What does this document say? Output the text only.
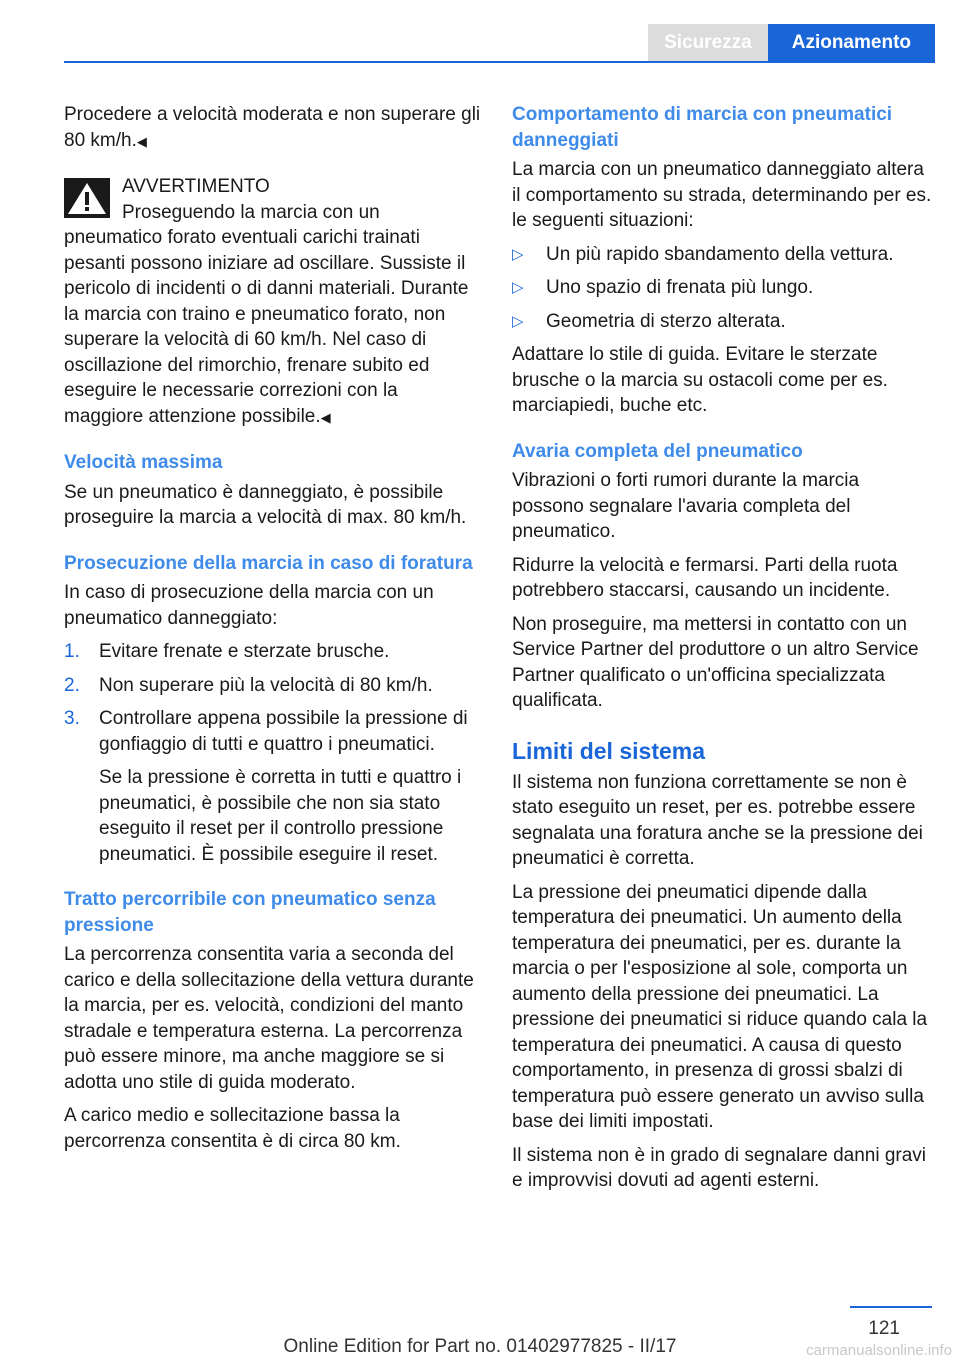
Sicurezza	Azionamento

Procedere a velocità moderata e non superare gli 80 km/h.◀

AVVERTIMENTO

Proseguendo la marcia con un pneumatico forato eventuali carichi trainati pesanti possono iniziare ad oscillare. Sussiste il pericolo di incidenti o di danni materiali. Durante la marcia con traino e pneumatico forato, non superare la velocità di 60 km/h. Nel caso di oscillazione del rimorchio, frenare subito ed eseguire le necessarie correzioni con la maggiore attenzione possibile.◀

Velocità massima

Se un pneumatico è danneggiato, è possibile proseguire la marcia a velocità di max. 80 km/h.

Prosecuzione della marcia in caso di foratura

In caso di prosecuzione della marcia con un pneumatico danneggiato:

1. Evitare frenate e sterzate brusche.
2. Non superare più la velocità di 80 km/h.
3. Controllare appena possibile la pressione di gonfiaggio di tutti e quattro i pneumatici.

Se la pressione è corretta in tutti e quattro i pneumatici, è possibile che non sia stato eseguito il reset per il controllo pressione pneumatici. È possibile eseguire il reset.

Tratto percorribile con pneumatico senza pressione

La percorrenza consentita varia a seconda del carico e della sollecitazione della vettura durante la marcia, per es. velocità, condizioni del manto stradale e temperatura esterna. La percorrenza può essere minore, ma anche maggiore se si adotta uno stile di guida moderato.

A carico medio e sollecitazione bassa la percorrenza consentita è di circa 80 km.

Comportamento di marcia con pneumatici danneggiati

La marcia con un pneumatico danneggiato altera il comportamento su strada, determinando per es. le seguenti situazioni:

▷ Un più rapido sbandamento della vettura.
▷ Uno spazio di frenata più lungo.
▷ Geometria di sterzo alterata.

Adattare lo stile di guida. Evitare le sterzate brusche o la marcia su ostacoli come per es. marciapiedi, buche etc.

Avaria completa del pneumatico

Vibrazioni o forti rumori durante la marcia possono segnalare l'avaria completa del pneumatico.

Ridurre la velocità e fermarsi. Parti della ruota potrebbero staccarsi, causando un incidente.

Non proseguire, ma mettersi in contatto con un Service Partner del produttore o un altro Service Partner qualificato o un'officina specializzata qualificata.

Limiti del sistema

Il sistema non funziona correttamente se non è stato eseguito un reset, per es. potrebbe essere segnalata una foratura anche se la pressione dei pneumatici è corretta.

La pressione dei pneumatici dipende dalla temperatura dei pneumatici. Un aumento della temperatura dei pneumatici, per es. durante la marcia o per l'esposizione al sole, comporta un aumento della pressione dei pneumatici. La pressione dei pneumatici si riduce quando cala la temperatura dei pneumatici. A causa di questo comportamento, in presenza di grossi sbalzi di temperatura può essere generato un avviso sulla base dei limiti impostati.

Il sistema non è in grado di segnalare danni gravi e improvvisi dovuti ad agenti esterni.

121
Online Edition for Part no. 01402977825 - II/17	carmanualsonline.info
